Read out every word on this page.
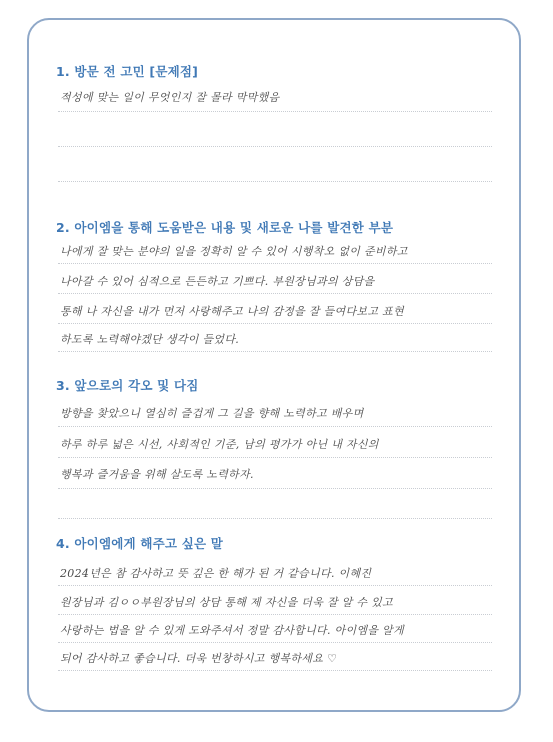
1. 방문 전 고민 [문제점]
적성에 맞는 일이 무엇인지 잘 몰라 막막했음
2. 아이엠을 통해 도움받은 내용 및 새로운 나를 발견한 부분
나에게 잘 맞는 분야의 일을 정확히 알 수 있어 시행착오 없이 준비하고
나아갈 수 있어 심적으로 든든하고 기쁘다. 부원장님과의 상담을
통해 나 자신을 내가 먼저 사랑해주고 나의 감정을 잘 들여다보고 표현
하도록 노력해야겠단 생각이 들었다.
3. 앞으로의 각오 및 다짐
방향을 찾았으니 열심히 즐겁게 그 길을 향해 노력하고 배우며
하루 하루 넓은 시선, 사회적인 기준, 남의 평가가 아닌 내 자신의
행복과 즐거움을 위해 살도록 노력하자.
4. 아이엠에게 해주고 싶은 말
2024년은 참 감사하고 뜻 깊은 한 해가 된 거 같습니다. 이혜진
원장님과 김ㅇㅇ부원장님의 상담 통해 제 자신을 더욱 잘 알 수 있고
사랑하는 법을 알 수 있게 도와주셔서 정말 감사합니다. 아이엠을 알게
되어 감사하고 좋습니다. 더욱 번창하시고 행복하세요 ♡
